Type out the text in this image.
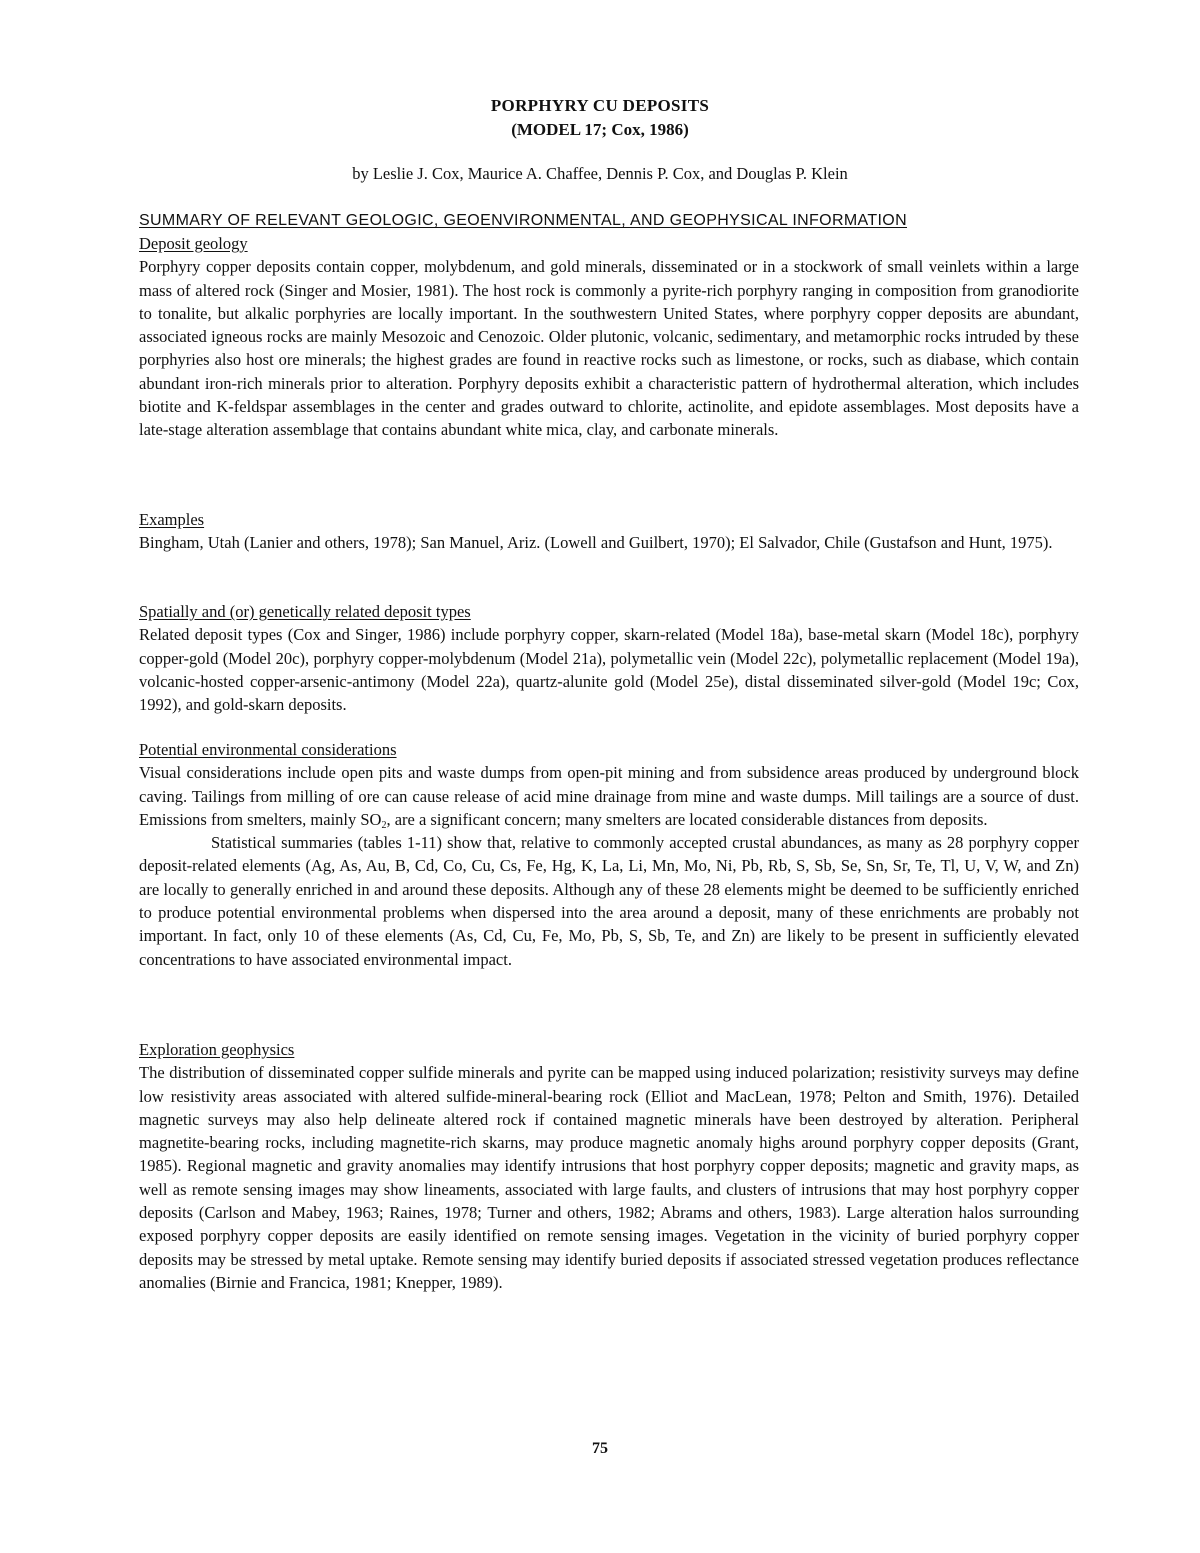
PORPHYRY CU DEPOSITS
(MODEL 17; Cox, 1986)
by Leslie J. Cox, Maurice A. Chaffee, Dennis P. Cox, and Douglas P. Klein
SUMMARY OF RELEVANT GEOLOGIC, GEOENVIRONMENTAL, AND GEOPHYSICAL INFORMATION
Deposit geology

Porphyry copper deposits contain copper, molybdenum, and gold minerals, disseminated or in a stockwork of small veinlets within a large mass of altered rock (Singer and Mosier, 1981). The host rock is commonly a pyrite-rich porphyry ranging in composition from granodiorite to tonalite, but alkalic porphyries are locally important. In the southwestern United States, where porphyry copper deposits are abundant, associated igneous rocks are mainly Mesozoic and Cenozoic. Older plutonic, volcanic, sedimentary, and metamorphic rocks intruded by these porphyries also host ore minerals; the highest grades are found in reactive rocks such as limestone, or rocks, such as diabase, which contain abundant iron-rich minerals prior to alteration. Porphyry deposits exhibit a characteristic pattern of hydrothermal alteration, which includes biotite and K-feldspar assemblages in the center and grades outward to chlorite, actinolite, and epidote assemblages. Most deposits have a late-stage alteration assemblage that contains abundant white mica, clay, and carbonate minerals.

Examples

Bingham, Utah (Lanier and others, 1978); San Manuel, Ariz. (Lowell and Guilbert, 1970); El Salvador, Chile (Gustafson and Hunt, 1975).

Spatially and (or) genetically related deposit types

Related deposit types (Cox and Singer, 1986) include porphyry copper, skarn-related (Model 18a), base-metal skarn (Model 18c), porphyry copper-gold (Model 20c), porphyry copper-molybdenum (Model 21a), polymetallic vein (Model 22c), polymetallic replacement (Model 19a), volcanic-hosted copper-arsenic-antimony (Model 22a), quartz-alunite gold (Model 25e), distal disseminated silver-gold (Model 19c; Cox, 1992), and gold-skarn deposits.

Potential environmental considerations

Visual considerations include open pits and waste dumps from open-pit mining and from subsidence areas produced by underground block caving. Tailings from milling of ore can cause release of acid mine drainage from mine and waste dumps. Mill tailings are a source of dust. Emissions from smelters, mainly $SO_2$, are a significant concern; many smelters are located considerable distances from deposits.

Statistical summaries (tables 1-11) show that, relative to commonly accepted crustal abundances, as many as 28 porphyry copper deposit-related elements (Ag, As, Au, B, Cd, Co, Cu, Cs, Fe, Hg, K, La, Li, Mn, Mo, Ni, Pb, Rb, S, Sb, Se, Sn, Sr, Te, Tl, U, V, W, and Zn) are locally to generally enriched in and around these deposits. Although any of these 28 elements might be deemed to be sufficiently enriched to produce potential environmental problems when dispersed into the area around a deposit, many of these enrichments are probably not important. In fact, only 10 of these elements (As, Cd, Cu, Fe, Mo, Pb, S, Sb, Te, and Zn) are likely to be present in sufficiently elevated concentrations to have associated environmental impact.

Exploration geophysics

The distribution of disseminated copper sulfide minerals and pyrite can be mapped using induced polarization; resistivity surveys may define low resistivity areas associated with altered sulfide-mineral-bearing rock (Elliot and MacLean, 1978; Pelton and Smith, 1976). Detailed magnetic surveys may also help delineate altered rock if contained magnetic minerals have been destroyed by alteration. Peripheral magnetite-bearing rocks, including magnetite-rich skarns, may produce magnetic anomaly highs around porphyry copper deposits (Grant, 1985). Regional magnetic and gravity anomalies may identify intrusions that host porphyry copper deposits; magnetic and gravity maps, as well as remote sensing images may show lineaments, associated with large faults, and clusters of intrusions that may host porphyry copper deposits (Carlson and Mabey, 1963; Raines, 1978; Turner and others, 1982; Abrams and others, 1983). Large alteration halos surrounding exposed porphyry copper deposits are easily identified on remote sensing images. Vegetation in the vicinity of buried porphyry copper deposits may be stressed by metal uptake. Remote sensing may identify buried deposits if associated stressed vegetation produces reflectance anomalies (Birnie and Francica, 1981; Knepper, 1989).

75
